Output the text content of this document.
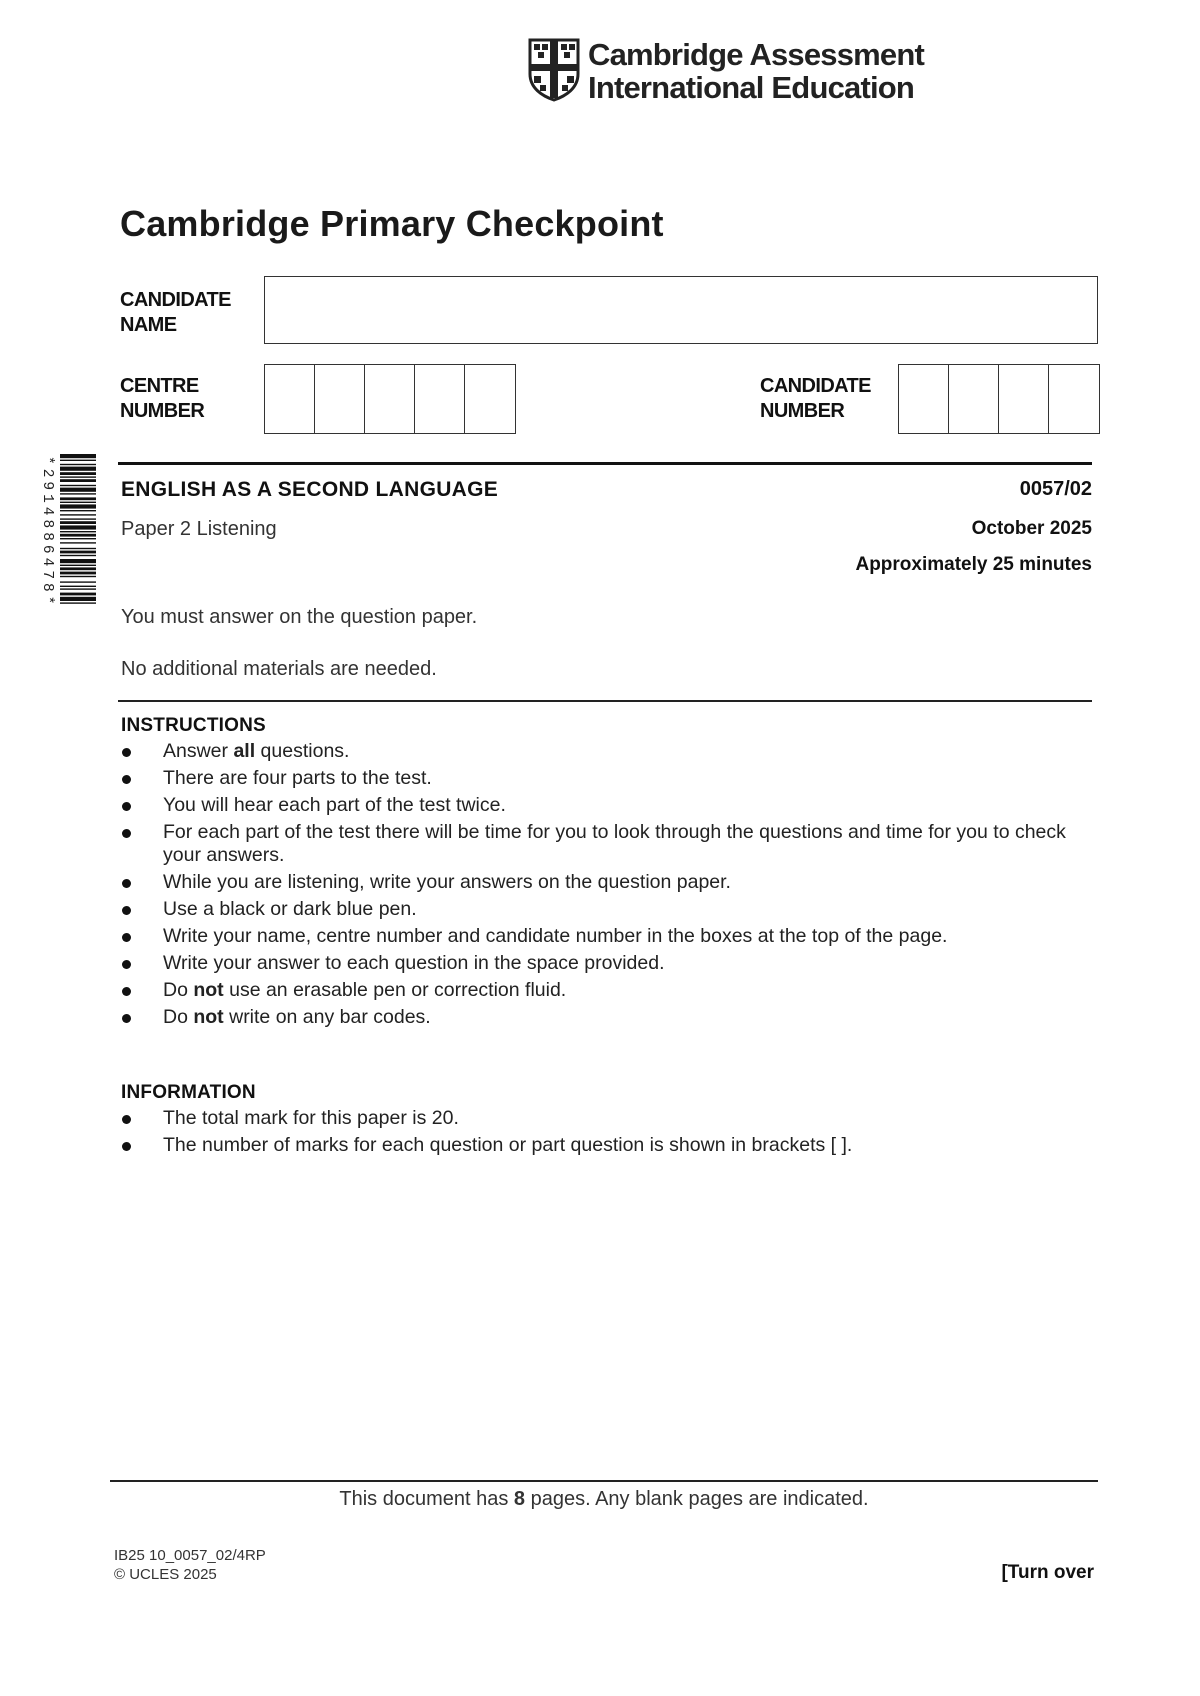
Cambridge Assessment
International Education
Cambridge Primary Checkpoint
CANDIDATE
NAME
CENTRE
NUMBER
CANDIDATE
NUMBER
*2914886478*	ENGLISH AS A SECOND LANGUAGE	0057/02
Paper 2 Listening	October 2025
Approximately 25 minutes
You must answer on the question paper.
No additional materials are needed.
INSTRUCTIONS
Answer all questions.
There are four parts to the test.
You will hear each part of the test twice.
For each part of the test there will be time for you to look through the questions and time for you to check your answers.
While you are listening, write your answers on the question paper.
Use a black or dark blue pen.
Write your name, centre number and candidate number in the boxes at the top of the page.
Write your answer to each question in the space provided.
Do not use an erasable pen or correction fluid.
Do not write on any bar codes.
INFORMATION
The total mark for this paper is 20.
The number of marks for each question or part question is shown in brackets [ ].
This document has 8 pages. Any blank pages are indicated.
IB25 10_0057_02/4RP
© UCLES 2025	[Turn over
